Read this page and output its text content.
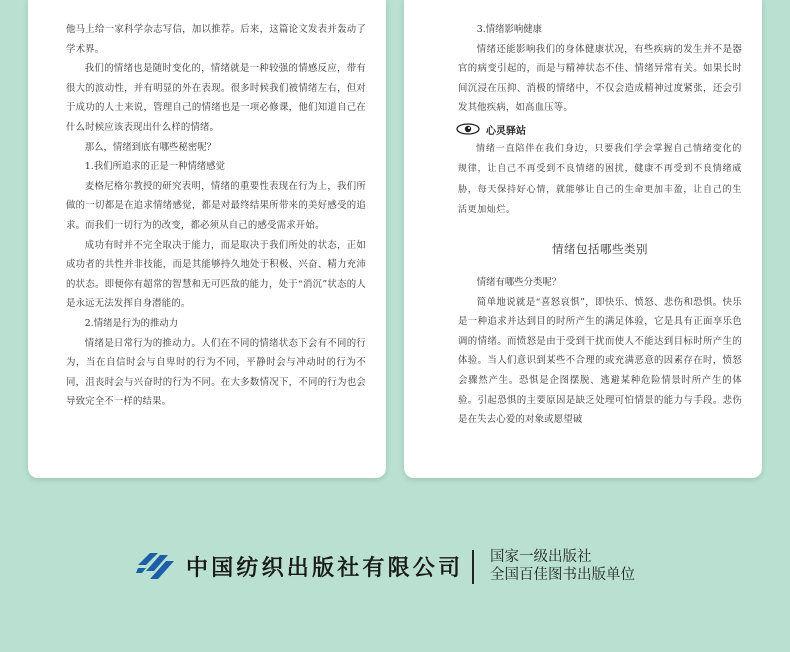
他马上给一家科学杂志写信，加以推荐。后来，这篇论文发表并轰动了学术界。

我们的情绪也是随时变化的，情绪就是一种较强的情感反应，带有很大的波动性，并有明显的外在表现。很多时候我们被情绪左右，但对于成功的人士来说，管理自己的情绪也是一项必修课，他们知道自己在什么时候应该表现出什么样的情绪。

那么，情绪到底有哪些秘密呢？

1.我们所追求的正是一种情绪感觉

麦格尼格尔教授的研究表明，情绪的重要性表现在行为上，我们所做的一切都是在追求情绪感觉，都是对最终结果所带来的美好感受的追求。而我们一切行为的改变，都必须从自己的感受需求开始。

成功有时并不完全取决于能力，而是取决于我们所处的状态，正如成功者的共性并非技能，而是其能够持久地处于积极、兴奋、精力充沛的状态。即便你有超常的智慧和无可匹敌的能力，处于“消沉”状态的人是永远无法发挥自身潜能的。

2.情绪是行为的推动力

情绪是日常行为的推动力。人们在不同的情绪状态下会有不同的行为，当在自信时会与自卑时的行为不同，平静时会与冲动时的行为不同，沮丧时会与兴奋时的行为不同。在大多数情况下，不同的行为也会导致完全不一样的结果。

3.情绪影响健康

情绪还能影响我们的身体健康状况，有些疾病的发生并不是器官的病变引起的，而是与精神状态不佳、情绪异常有关。如果长时间沉浸在压抑、消极的情绪中，不仅会造成精神过度紧张，还会引发其他疾病，如高血压等。

心灵驿站

情绪一直陪伴在我们身边，只要我们学会掌握自己情绪变化的规律，让自己不再受到不良情绪的困扰，健康不再受到不良情绪威胁，每天保持好心情，就能够让自己的生命更加丰盈，让自己的生活更加灿烂。

情绪包括哪些类别

情绪有哪些分类呢？

简单地说就是“喜怒哀惧”，即快乐、愤怒、悲伤和恐惧。快乐是一种追求并达到目的时所产生的满足体验，它是具有正面享乐色调的情绪。而愤怒是由于受到干扰而使人不能达到目标时所产生的体验。当人们意识到某些不合理的或充满恶意的因素存在时，愤怒会骤然产生。恐惧是企图摆脱、逃避某种危险情景时所产生的体验。引起恐惧的主要原因是缺乏处理可怕情景的能力与手段。悲伤是在失去心爱的对象或愿望破

中国纺织出版社有限公司 国家一级出版社
全国百佳图书出版单位
